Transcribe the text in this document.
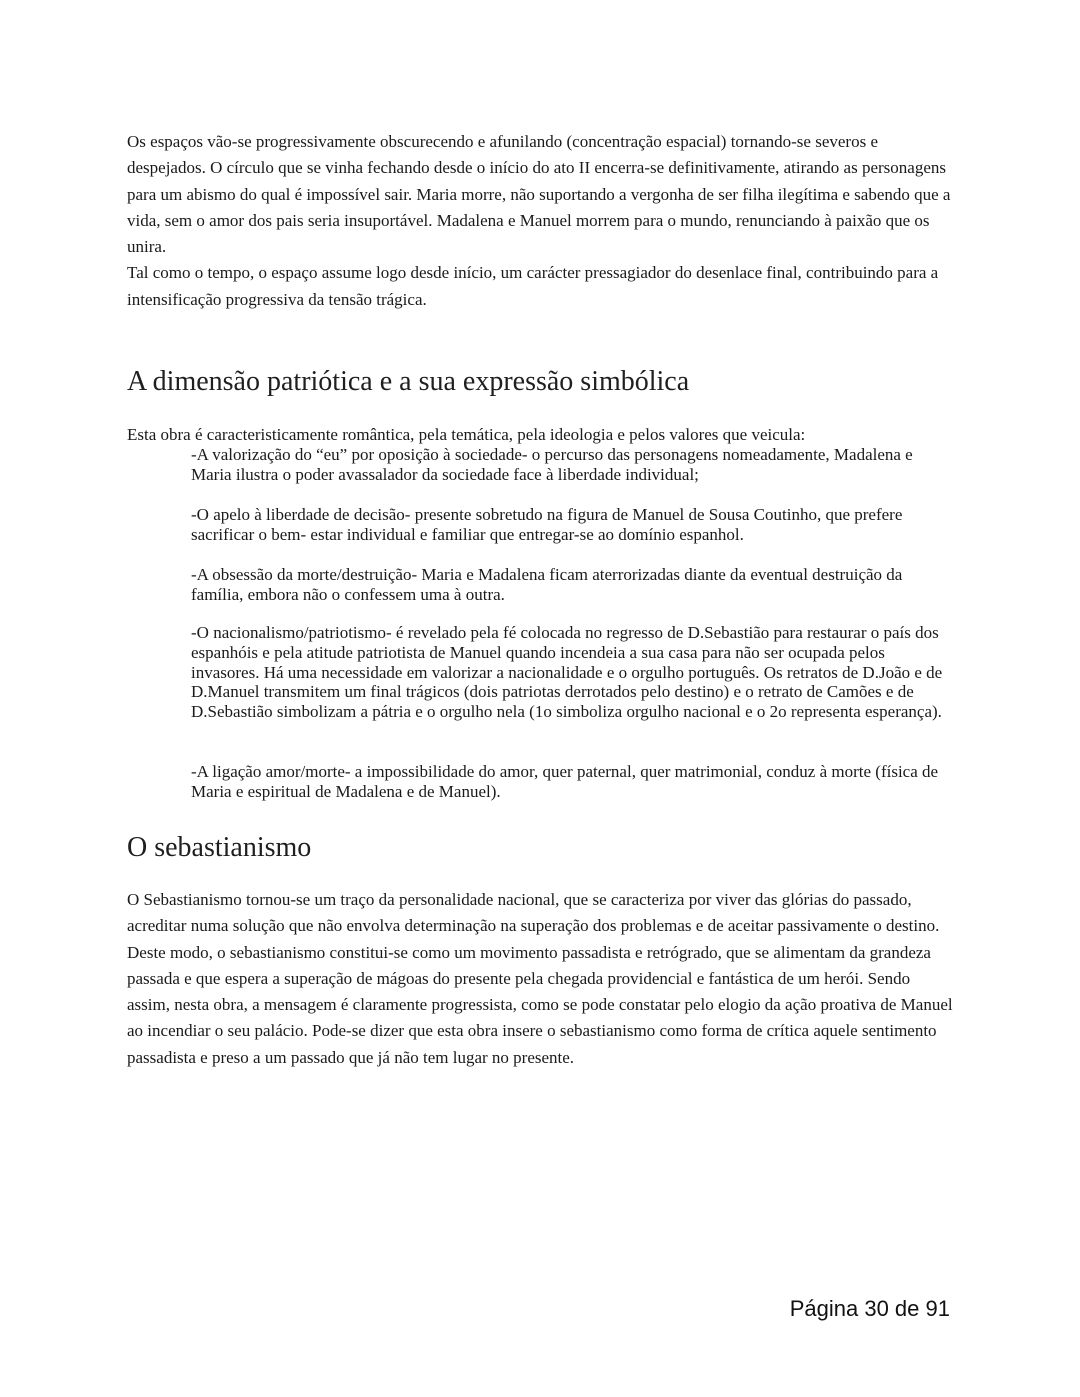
Os espaços vão-se progressivamente obscurecendo e afunilando (concentração espacial) tornando-se severos e despejados. O círculo que se vinha fechando desde o início do ato II encerra-se definitivamente, atirando as personagens para um abismo do qual é impossível sair. Maria morre, não suportando a vergonha de ser filha ilegítima e sabendo que a vida, sem o amor dos pais seria insuportável. Madalena e Manuel morrem para o mundo, renunciando à paixão que os unira.

Tal como o tempo, o espaço assume logo desde início, um carácter pressagiador do desenlace final, contribuindo para a intensificação progressiva da tensão trágica.

A dimensão patriótica e a sua expressão simbólica

Esta obra é caracteristicamente romântica, pela temática, pela ideologia e pelos valores que veicula:

-A valorização do “eu” por oposição à sociedade- o percurso das personagens nomeadamente, Madalena e Maria ilustra o poder avassalador da sociedade face à liberdade individual;

-O apelo à liberdade de decisão- presente sobretudo na figura de Manuel de Sousa Coutinho, que prefere sacrificar o bem- estar individual e familiar que entregar-se ao domínio espanhol.

-A obsessão da morte/destruição- Maria e Madalena ficam aterrorizadas diante da eventual destruição da família, embora não o confessem uma à outra.

-O nacionalismo/patriotismo- é revelado pela fé colocada no regresso de D.Sebastião para restaurar o país dos espanhóis e pela atitude patriotista de Manuel quando incendeia a sua casa para não ser ocupada pelos invasores. Há uma necessidade em valorizar a nacionalidade e o orgulho português. Os retratos de D.João e de D.Manuel transmitem um final trágicos (dois patriotas derrotados pelo destino) e o retrato de Camões e de D.Sebastião simbolizam a pátria e o orgulho nela (1o simboliza orgulho nacional e o 2o representa esperança).

-A ligação amor/morte- a impossibilidade do amor, quer paternal, quer matrimonial, conduz à morte (física de Maria e espiritual de Madalena e de Manuel).

O sebastianismo

O Sebastianismo tornou-se um traço da personalidade nacional, que se caracteriza por viver das glórias do passado, acreditar numa solução que não envolva determinação na superação dos problemas e de aceitar passivamente o destino.

Deste modo, o sebastianismo constitui-se como um movimento passadista e retrógrado, que se alimentam da grandeza passada e que espera a superação de mágoas do presente pela chegada providencial e fantástica de um herói. Sendo assim, nesta obra, a mensagem é claramente progressista, como se pode constatar pelo elogio da ação proativa de Manuel ao incendiar o seu palácio. Pode-se dizer que esta obra insere o sebastianismo como forma de crítica aquele sentimento passadista e preso a um passado que já não tem lugar no presente.

Página 30 de 91
